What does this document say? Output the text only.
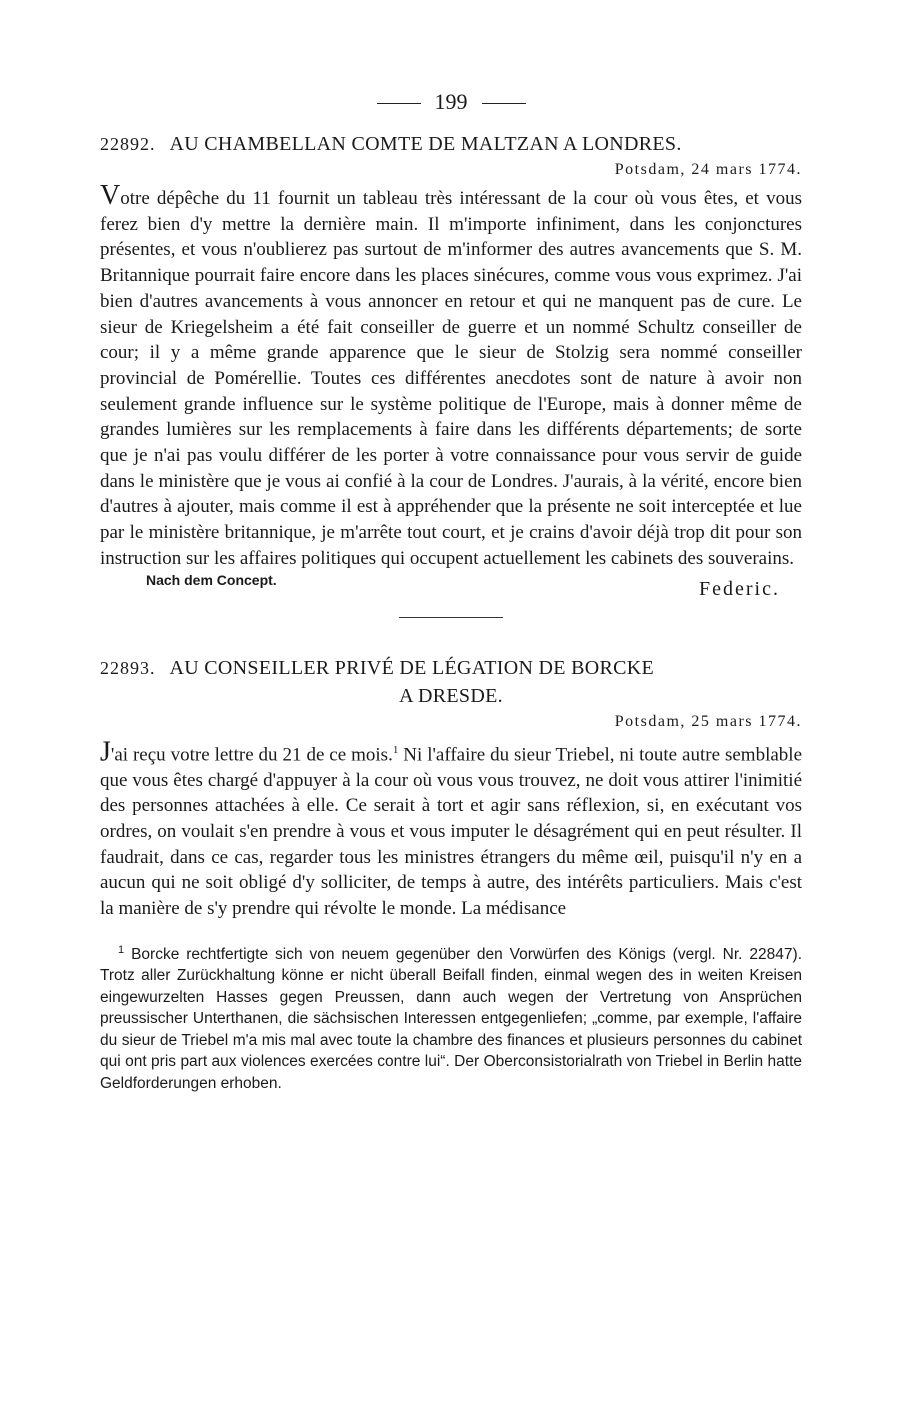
199
22892. AU CHAMBELLAN COMTE DE MALTZAN A LONDRES.
Potsdam, 24 mars 1774.
Votre dépêche du 11 fournit un tableau très intéressant de la cour où vous êtes, et vous ferez bien d'y mettre la dernière main. Il m'importe infiniment, dans les conjonctures présentes, et vous n'oublierez pas surtout de m'informer des autres avancements que S. M. Britannique pourrait faire encore dans les places sinécures, comme vous vous exprimez. J'ai bien d'autres avancements à vous annoncer en retour et qui ne manquent pas de cure. Le sieur de Kriegelsheim a été fait conseiller de guerre et un nommé Schultz conseiller de cour; il y a même grande apparence que le sieur de Stolzig sera nommé conseiller provincial de Pomérellie. Toutes ces différentes anecdotes sont de nature à avoir non seulement grande influence sur le système politique de l'Europe, mais à donner même de grandes lumières sur les remplacements à faire dans les différents départements; de sorte que je n'ai pas voulu différer de les porter à votre connaissance pour vous servir de guide dans le ministère que je vous ai confié à la cour de Londres. J'aurais, à la vérité, encore bien d'autres à ajouter, mais comme il est à appréhender que la présente ne soit interceptée et lue par le ministère britannique, je m'arrête tout court, et je crains d'avoir déjà trop dit pour son instruction sur les affaires politiques qui occupent actuellement les cabinets des souverains.
Nach dem Concept.	Federic.
22893. AU CONSEILLER PRIVÉ DE LÉGATION DE BORCKE
A DRESDE.
Potsdam, 25 mars 1774.
J'ai reçu votre lettre du 21 de ce mois.$^1$ Ni l'affaire du sieur Triebel, ni toute autre semblable que vous êtes chargé d'appuyer à la cour où vous vous trouvez, ne doit vous attirer l'inimitié des personnes attachées à elle. Ce serait à tort et agir sans réflexion, si, en exécutant vos ordres, on voulait s'en prendre à vous et vous imputer le désagrément qui en peut résulter. Il faudrait, dans ce cas, regarder tous les ministres étrangers du même œil, puisqu'il n'y en a aucun qui ne soit obligé d'y solliciter, de temps à autre, des intérêts particuliers. Mais c'est la manière de s'y prendre qui révolte le monde. La médisance
$^1$ Borcke rechtfertigte sich von neuem gegenüber den Vorwürfen des Königs (vergl. Nr. 22847). Trotz aller Zurückhaltung könne er nicht überall Beifall finden, einmal wegen des in weiten Kreisen eingewurzelten Hasses gegen Preussen, dann auch wegen der Vertretung von Ansprüchen preussischer Unterthanen, die sächsischen Interessen entgegenliefen; „comme, par exemple, l'affaire du sieur de Triebel m'a mis mal avec toute la chambre des finances et plusieurs personnes du cabinet qui ont pris part aux violences exercées contre lui“. Der Oberconsistorialrath von Triebel in Berlin hatte Geldforderungen erhoben.
